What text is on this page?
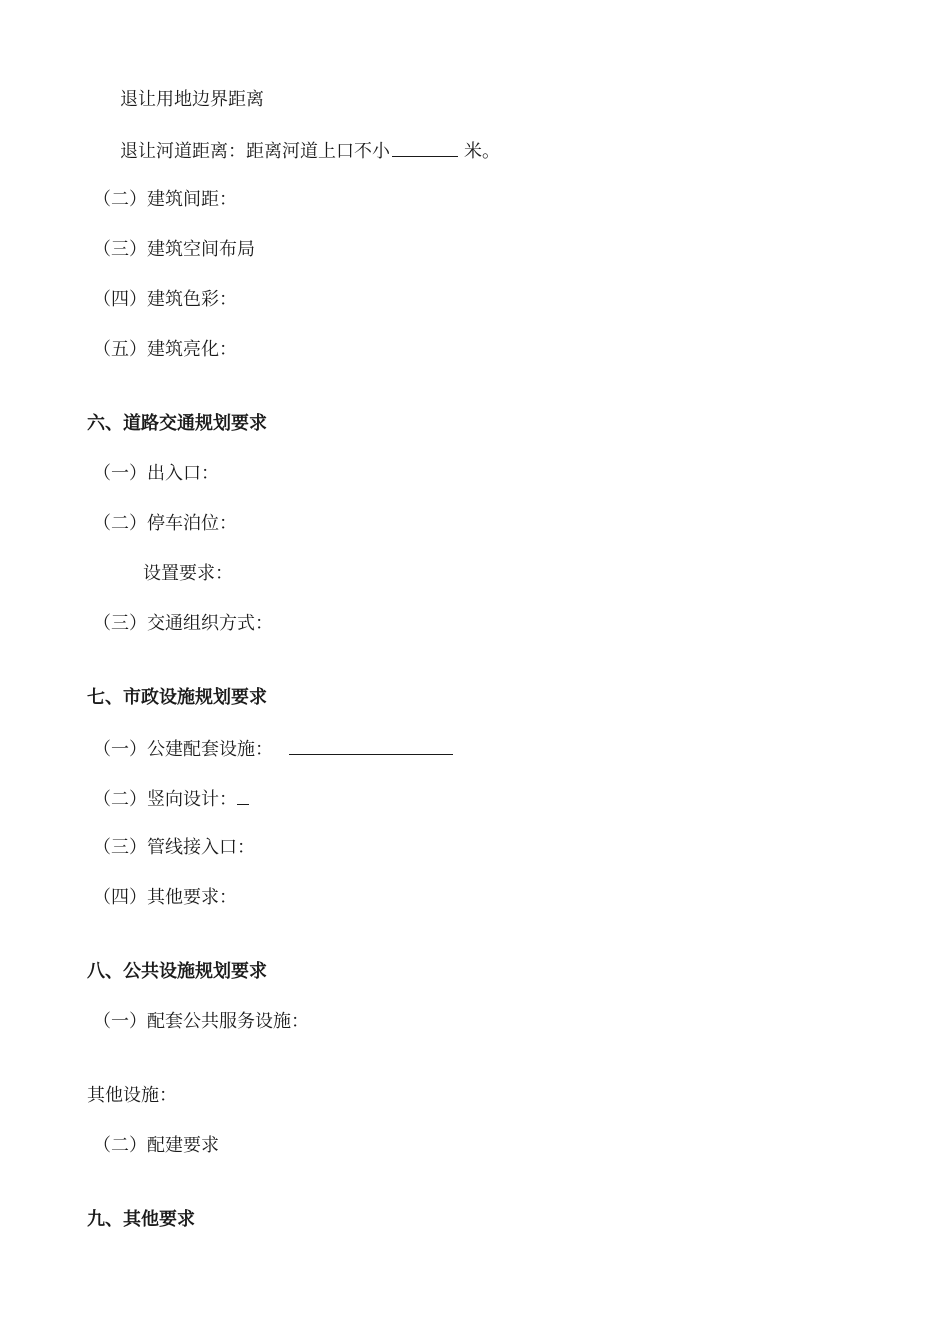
退让用地边界距离
退让河道距离：距离河道上口不小	米。
（二）建筑间距：
（三）建筑空间布局
（四）建筑色彩：
（五）建筑亮化：
六、道路交通规划要求
（一）出入口：
（二）停车泊位：
设置要求：
（三）交通组织方式：
七、市政设施规划要求
（一）公建配套设施：
（二）竖向设计：
（三）管线接入口：
（四）其他要求：
八、公共设施规划要求
（一）配套公共服务设施：
其他设施：
（二）配建要求
九、其他要求
